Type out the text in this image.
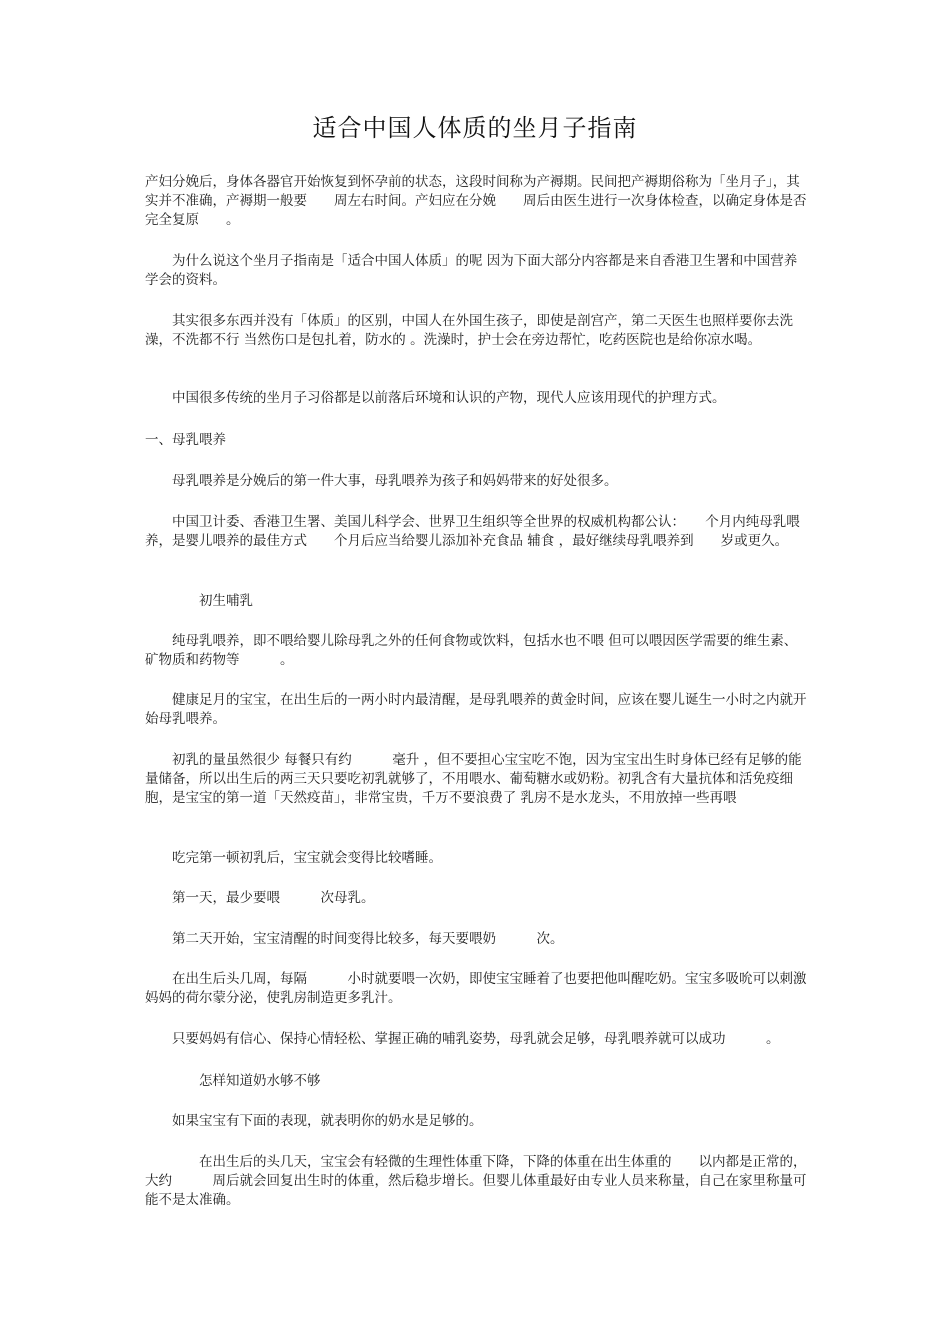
适合中国人体质的坐月子指南

产妇分娩后，身体各器官开始恢复到怀孕前的状态，这段时间称为产褥期。民间把产褥期俗称为「坐月子」，其实并不准确，产褥期一般要　　周左右时间。产妇应在分娩　　周后由医生进行一次身体检查，以确定身体是否完全复原　　。

　　为什么说这个坐月子指南是「适合中国人体质」的呢 因为下面大部分内容都是来自香港卫生署和中国营养学会的资料。

　　其实很多东西并没有「体质」的区别，中国人在外国生孩子，即使是剖宫产，第二天医生也照样要你去洗澡，不洗都不行 当然伤口是包扎着，防水的 。洗澡时，护士会在旁边帮忙，吃药医院也是给你凉水喝。

　　中国很多传统的坐月子习俗都是以前落后环境和认识的产物，现代人应该用现代的护理方式。

一、母乳喂养

　　母乳喂养是分娩后的第一件大事，母乳喂养为孩子和妈妈带来的好处很多。

　　中国卫计委、香港卫生署、美国儿科学会、世界卫生组织等全世界的权威机构都公认：　　个月内纯母乳喂养，是婴儿喂养的最佳方式　　个月后应当给婴儿添加补充食品 辅食 ，最好继续母乳喂养到　　岁或更久。

　　　　初生哺乳

　　纯母乳喂养，即不喂给婴儿除母乳之外的任何食物或饮料，包括水也不喂 但可以喂因医学需要的维生素、矿物质和药物等　　　。

　　健康足月的宝宝，在出生后的一两小时内最清醒，是母乳喂养的黄金时间，应该在婴儿诞生一小时之内就开始母乳喂养。

　　初乳的量虽然很少 每餐只有约　　　毫升 ，但不要担心宝宝吃不饱，因为宝宝出生时身体已经有足够的能量储备，所以出生后的两三天只要吃初乳就够了，不用喂水、葡萄糖水或奶粉。初乳含有大量抗体和活免疫细胞，是宝宝的第一道「天然疫苗」，非常宝贵，千万不要浪费了 乳房不是水龙头，不用放掉一些再喂

　　吃完第一顿初乳后，宝宝就会变得比较嗜睡。

　　第一天，最少要喂　　　次母乳。

　　第二天开始，宝宝清醒的时间变得比较多，每天要喂奶　　　次。

　　在出生后头几周，每隔　　　小时就要喂一次奶，即使宝宝睡着了也要把他叫醒吃奶。宝宝多吸吮可以刺激妈妈的荷尔蒙分泌，使乳房制造更多乳汁。

　　只要妈妈有信心、保持心情轻松、掌握正确的哺乳姿势，母乳就会足够，母乳喂养就可以成功　　　。

　　　　怎样知道奶水够不够

　　如果宝宝有下面的表现，就表明你的奶水是足够的。

　　　　在出生后的头几天，宝宝会有轻微的生理性体重下降，下降的体重在出生体重的　　以内都是正常的，大约　　　周后就会回复出生时的体重，然后稳步增长。但婴儿体重最好由专业人员来称量，自己在家里称量可能不是太准确。
